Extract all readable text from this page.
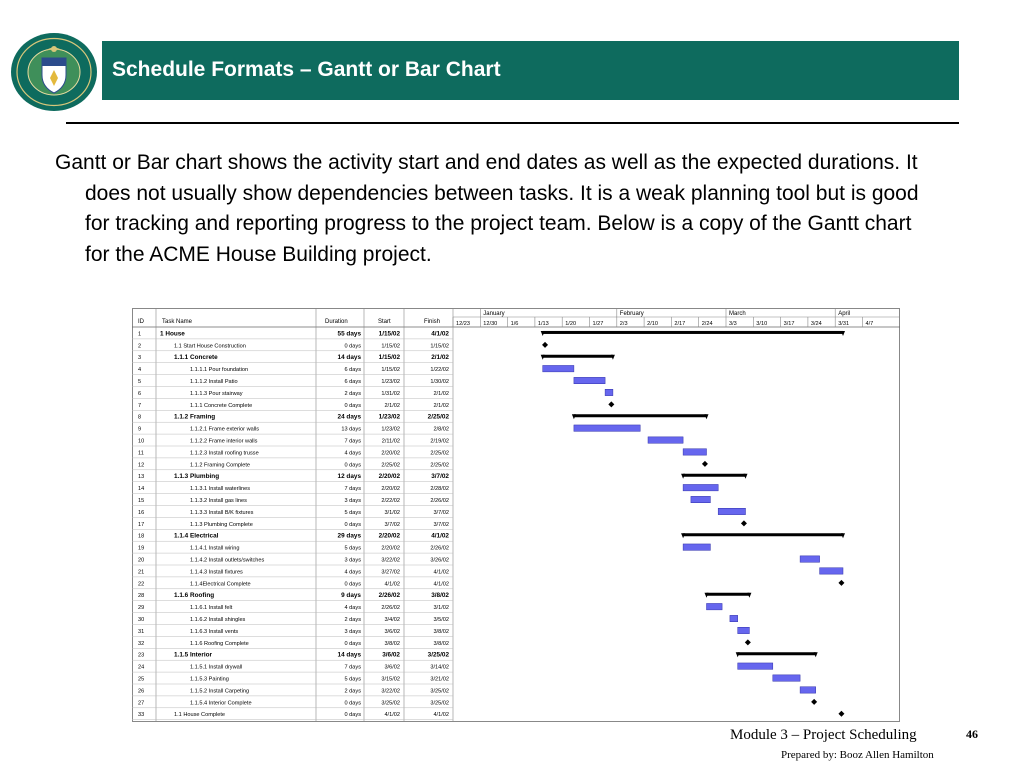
Schedule Formats – Gantt or Bar Chart
Gantt or Bar chart shows the activity start and end dates as well as the expected durations. It does not usually show dependencies between tasks. It is a weak planning tool but is good for tracking and reporting progress to the project team. Below is a copy of the Gantt chart for the ACME House Building project.
ID	Task Name	Duration	Start	Finish
January	February	March	April
12/23 12/30 1/6	1/13	1/20	1/27	2/3	2/10	2/17	2/24	3/3	3/10	3/17	3/24	3/31	4/7
1	1 House	55 days	1/15/02	4/1/02
2	1.1 Start House Construction	0 days	1/15/02	1/15/02
3	1.1.1 Concrete	14 days	1/15/02	2/1/02
4	1.1.1.1 Pour foundation	6 days	1/15/02	1/22/02
5	1.1.1.2 Install Patio	6 days	1/23/02	1/30/02
6	1.1.1.3 Pour stairway	2 days	1/31/02	2/1/02
7	1.1.1 Concrete Complete	0 days	2/1/02	2/1/02
8	1.1.2 Framing	24 days	1/23/02	2/25/02
9	1.1.2.1 Frame exterior walls	13 days	1/23/02	2/8/02
10	1.1.2.2 Frame interior walls	7 days	2/11/02	2/19/02
11	1.1.2.3 Install roofing trusse	4 days	2/20/02	2/25/02
12	1.1.2 Framing Complete	0 days	2/25/02	2/25/02
13	1.1.3 Plumbing	12 days	2/20/02	3/7/02
14	1.1.3.1 Install waterlines	7 days	2/20/02	2/28/02
15	1.1.3.2 Install gas lines	3 days	2/22/02	2/26/02
16	1.1.3.3 Install B/K fixtures	5 days	3/1/02	3/7/02
17	1.1.3 Plumbing Complete	0 days	3/7/02	3/7/02
18	1.1.4 Electrical	29 days	2/20/02	4/1/02
19	1.1.4.1 Install wiring	5 days	2/20/02	2/26/02
20	1.1.4.2 Install outlets/switches	3 days	3/22/02	3/26/02
21	1.1.4.3 Install fixtures	4 days	3/27/02	4/1/02
22	1.1.4Electrical Complete	0 days	4/1/02	4/1/02
28	1.1.6 Roofing	9 days	2/26/02	3/8/02
29	1.1.6.1 Install felt	4 days	2/26/02	3/1/02
30	1.1.6.2 Install shingles	2 days	3/4/02	3/5/02
31	1.1.6.3 Install vents	3 days	3/6/02	3/8/02
32	1.1.6 Roofing Complete	0 days	3/8/02	3/8/02
23	1.1.5 Interior	14 days	3/6/02	3/25/02
24	1.1.5.1 Install drywall	7 days	3/6/02	3/14/02
25	1.1.5.3 Painting	5 days	3/15/02	3/21/02
26	1.1.5.2 Install Carpeting	2 days	3/22/02	3/25/02
27	1.1.5.4 Interior Complete	0 days	3/25/02	3/25/02
33	1.1 House Complete	0 days	4/1/02	4/1/02
Module 3 – Project Scheduling	46
Prepared by: Booz Allen Hamilton
